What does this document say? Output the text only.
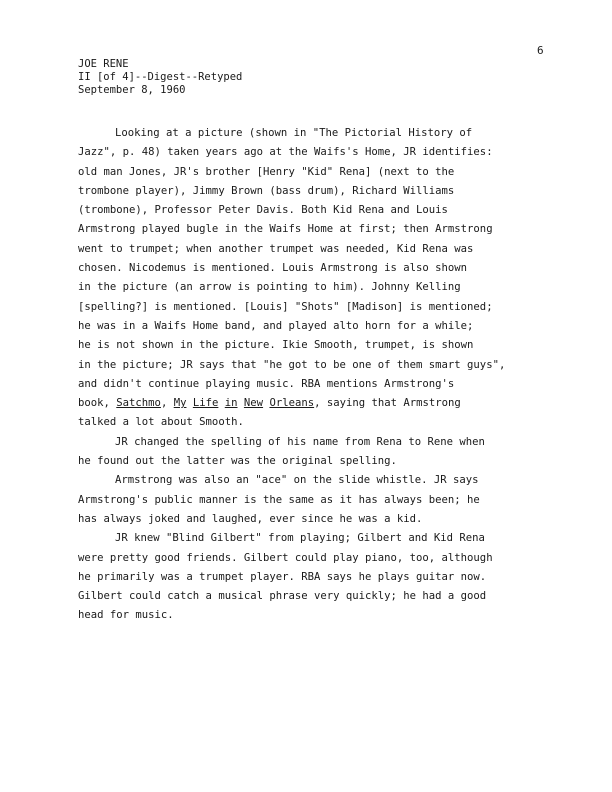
6
JOE RENE
II [of 4]--Digest--Retyped
September 8, 1960
Looking at a picture (shown in "The Pictorial History of
Jazz", p. 48) taken years ago at the Waifs's Home, JR identifies:
old man Jones, JR's brother [Henry "Kid" Rena] (next to the
trombone player), Jimmy Brown (bass drum), Richard Williams
(trombone), Professor Peter Davis. Both Kid Rena and Louis
Armstrong played bugle in the Waifs Home at first; then Armstrong
went to trumpet; when another trumpet was needed, Kid Rena was
chosen. Nicodemus is mentioned. Louis Armstrong is also shown
in the picture (an arrow is pointing to him). Johnny Kelling
[spelling?] is mentioned. [Louis] "Shots" [Madison] is mentioned;
he was in a Waifs Home band, and played alto horn for a while;
he is not shown in the picture. Ikie Smooth, trumpet, is shown
in the picture; JR says that "he got to be one of them smart guys",
and didn't continue playing music. RBA mentions Armstrong's
book, Satchmo, My Life in New Orleans, saying that Armstrong
talked a lot about Smooth.
JR changed the spelling of his name from Rena to Rene when
he found out the latter was the original spelling.
Armstrong was also an "ace" on the slide whistle. JR says
Armstrong's public manner is the same as it has always been; he
has always joked and laughed, ever since he was a kid.
JR knew "Blind Gilbert" from playing; Gilbert and Kid Rena
were pretty good friends. Gilbert could play piano, too, although
he primarily was a trumpet player. RBA says he plays guitar now.
Gilbert could catch a musical phrase very quickly; he had a good
head for music.
